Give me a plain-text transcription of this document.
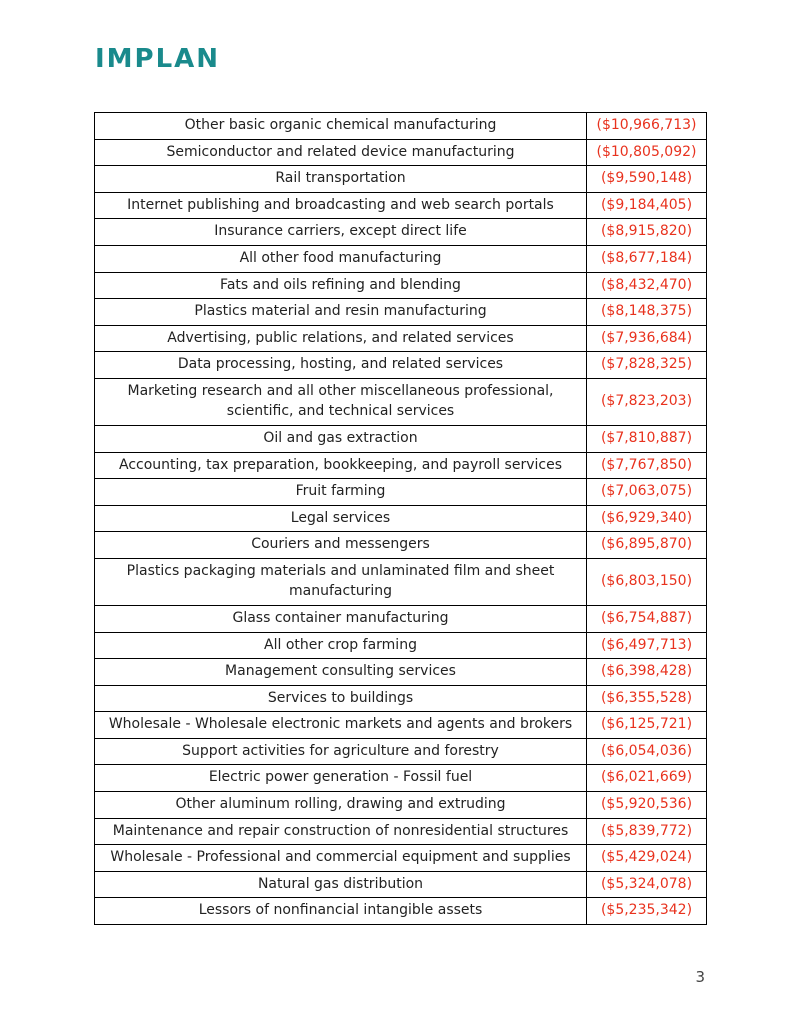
IMPLAN
Other basic organic chemical manufacturing	($10,966,713)
Semiconductor and related device manufacturing	($10,805,092)
Rail transportation	($9,590,148)
Internet publishing and broadcasting and web search portals	($9,184,405)
Insurance carriers, except direct life	($8,915,820)
All other food manufacturing	($8,677,184)
Fats and oils refining and blending	($8,432,470)
Plastics material and resin manufacturing	($8,148,375)
Advertising, public relations, and related services	($7,936,684)
Data processing, hosting, and related services	($7,828,325)
Marketing research and all other miscellaneous professional, scientific, and technical services	($7,823,203)
Oil and gas extraction	($7,810,887)
Accounting, tax preparation, bookkeeping, and payroll services	($7,767,850)
Fruit farming	($7,063,075)
Legal services	($6,929,340)
Couriers and messengers	($6,895,870)
Plastics packaging materials and unlaminated film and sheet manufacturing	($6,803,150)
Glass container manufacturing	($6,754,887)
All other crop farming	($6,497,713)
Management consulting services	($6,398,428)
Services to buildings	($6,355,528)
Wholesale - Wholesale electronic markets and agents and brokers	($6,125,721)
Support activities for agriculture and forestry	($6,054,036)
Electric power generation - Fossil fuel	($6,021,669)
Other aluminum rolling, drawing and extruding	($5,920,536)
Maintenance and repair construction of nonresidential structures	($5,839,772)
Wholesale - Professional and commercial equipment and supplies	($5,429,024)
Natural gas distribution	($5,324,078)
Lessors of nonfinancial intangible assets	($5,235,342)
3
